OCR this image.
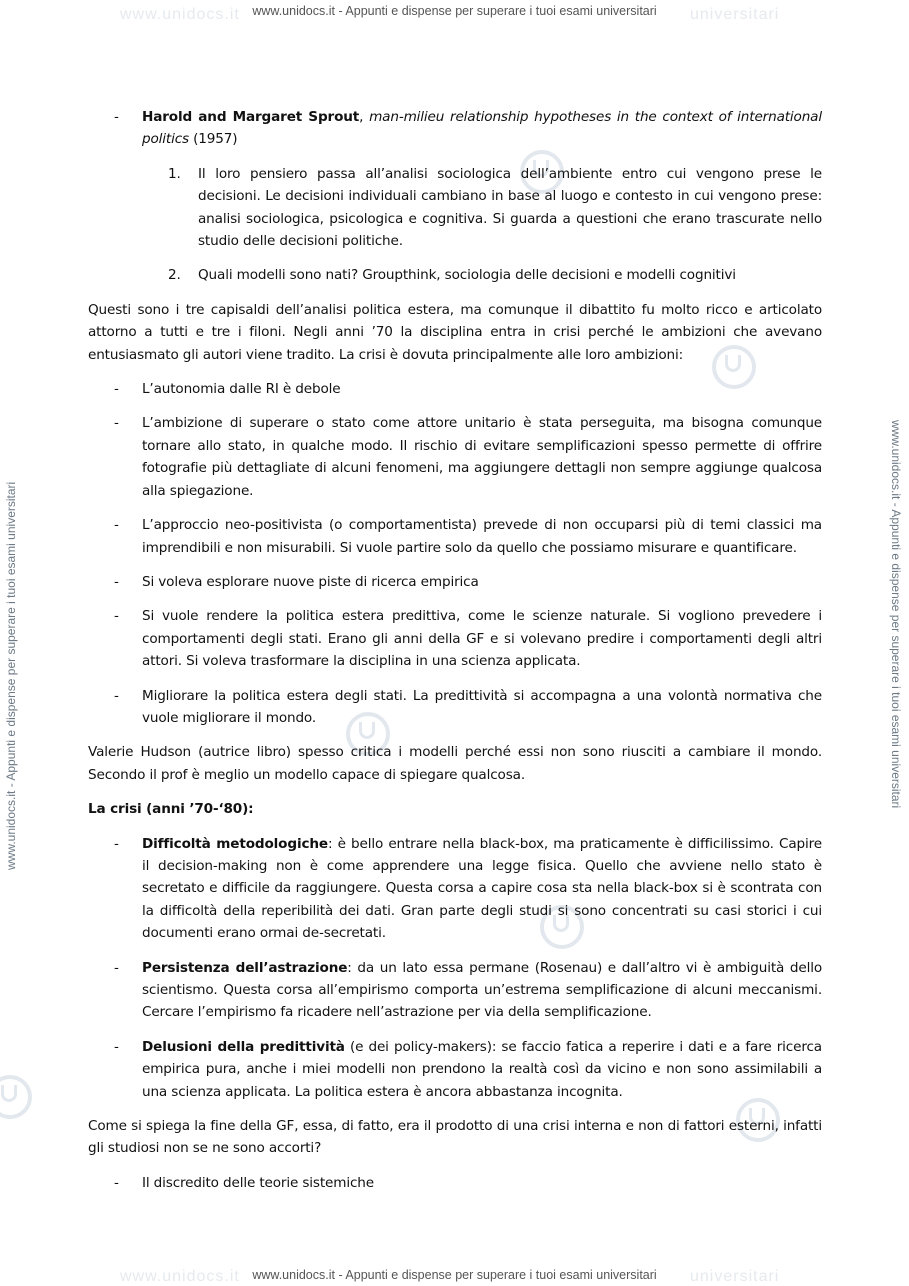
www.unidocs.it	universitari
www.unidocs.it - Appunti e dispense per superare i tuoi esami universitari
www.unidocs.it	universitari
www.unidocs.it - Appunti e dispense per superare i tuoi esami universitari
www.unidocs.it - Appunti e dispense per superare i tuoi esami universitari	www.unidocs.it - Appunti e dispense per superare i tuoi esami universitari
- Harold and Margaret Sprout, man-milieu relationship hypotheses in the context of international politics (1957)
1. Il loro pensiero passa all’analisi sociologica dell’ambiente entro cui vengono prese le decisioni. Le decisioni individuali cambiano in base al luogo e contesto in cui vengono prese: analisi sociologica, psicologica e cognitiva. Si guarda a questioni che erano trascurate nello studio delle decisioni politiche.
2. Quali modelli sono nati? Groupthink, sociologia delle decisioni e modelli cognitivi
Questi sono i tre capisaldi dell’analisi politica estera, ma comunque il dibattito fu molto ricco e articolato attorno a tutti e tre i filoni. Negli anni ’70 la disciplina entra in crisi perché le ambizioni che avevano entusiasmato gli autori viene tradito. La crisi è dovuta principalmente alle loro ambizioni:
- L’autonomia dalle RI è debole
- L’ambizione di superare o stato come attore unitario è stata perseguita, ma bisogna comunque tornare allo stato, in qualche modo. Il rischio di evitare semplificazioni spesso permette di offrire fotografie più dettagliate di alcuni fenomeni, ma aggiungere dettagli non sempre aggiunge qualcosa alla spiegazione.
- L’approccio neo-positivista (o comportamentista) prevede di non occuparsi più di temi classici ma imprendibili e non misurabili. Si vuole partire solo da quello che possiamo misurare e quantificare.
- Si voleva esplorare nuove piste di ricerca empirica
- Si vuole rendere la politica estera predittiva, come le scienze naturale. Si vogliono prevedere i comportamenti degli stati. Erano gli anni della GF e si volevano predire i comportamenti degli altri attori. Si voleva trasformare la disciplina in una scienza applicata.
- Migliorare la politica estera degli stati. La predittività si accompagna a una volontà normativa che vuole migliorare il mondo.
Valerie Hudson (autrice libro) spesso critica i modelli perché essi non sono riusciti a cambiare il mondo. Secondo il prof è meglio un modello capace di spiegare qualcosa.
La crisi (anni ’70-‘80):
- Difficoltà metodologiche: è bello entrare nella black-box, ma praticamente è difficilissimo. Capire il decision-making non è come apprendere una legge fisica. Quello che avviene nello stato è secretato e difficile da raggiungere. Questa corsa a capire cosa sta nella black-box si è scontrata con la difficoltà della reperibilità dei dati. Gran parte degli studi si sono concentrati su casi storici i cui documenti erano ormai de-secretati.
- Persistenza dell’astrazione: da un lato essa permane (Rosenau) e dall’altro vi è ambiguità dello scientismo. Questa corsa all’empirismo comporta un’estrema semplificazione di alcuni meccanismi. Cercare l’empirismo fa ricadere nell’astrazione per via della semplificazione.
- Delusioni della predittività (e dei policy-makers): se faccio fatica a reperire i dati e a fare ricerca empirica pura, anche i miei modelli non prendono la realtà così da vicino e non sono assimilabili a una scienza applicata. La politica estera è ancora abbastanza incognita.
Come si spiega la fine della GF, essa, di fatto, era il prodotto di una crisi interna e non di fattori esterni, infatti gli studiosi non se ne sono accorti?
- Il discredito delle teorie sistemiche
